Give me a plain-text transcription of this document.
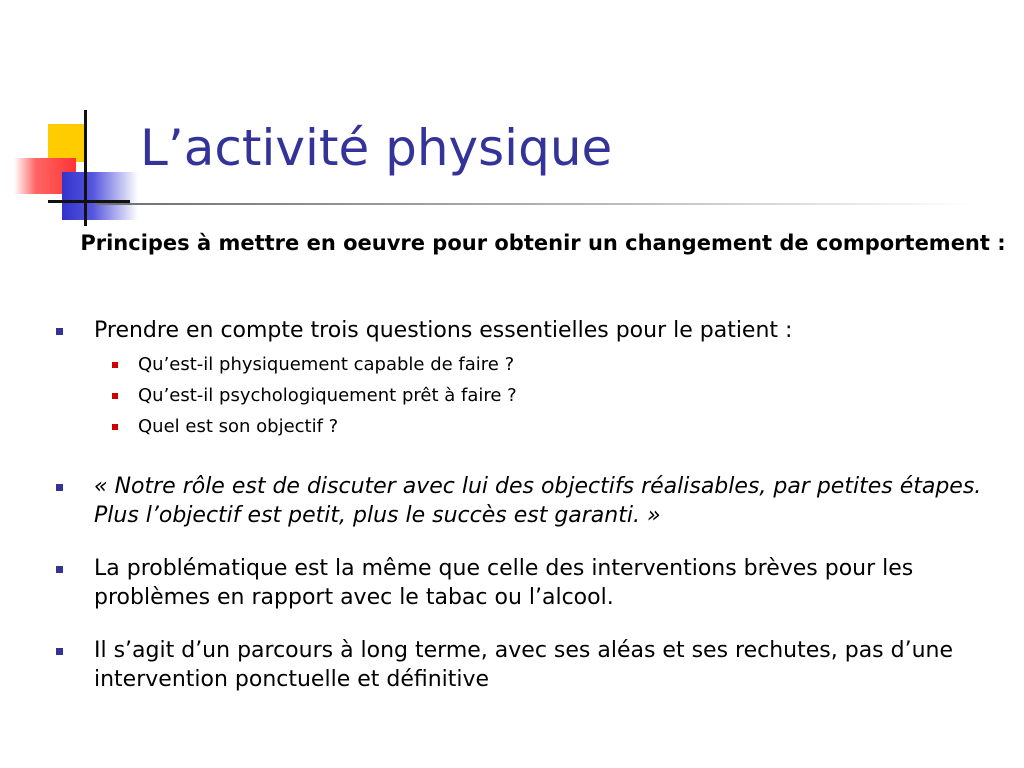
L’activité physique
Principes à mettre en oeuvre pour obtenir un changement de comportement :
Prendre en compte trois questions essentielles pour le patient :
Qu’est-il physiquement capable de faire ?
Qu’est-il psychologiquement prêt à faire ?
Quel est son objectif ?
« Notre rôle est de discuter avec lui des objectifs réalisables, par petites étapes. Plus l’objectif est petit, plus le succès est garanti. »
La problématique est la même que celle des interventions brèves pour les problèmes en rapport avec le tabac ou l’alcool.
Il s’agit d’un parcours à long terme, avec ses aléas et ses rechutes, pas d’une intervention ponctuelle et définitive
